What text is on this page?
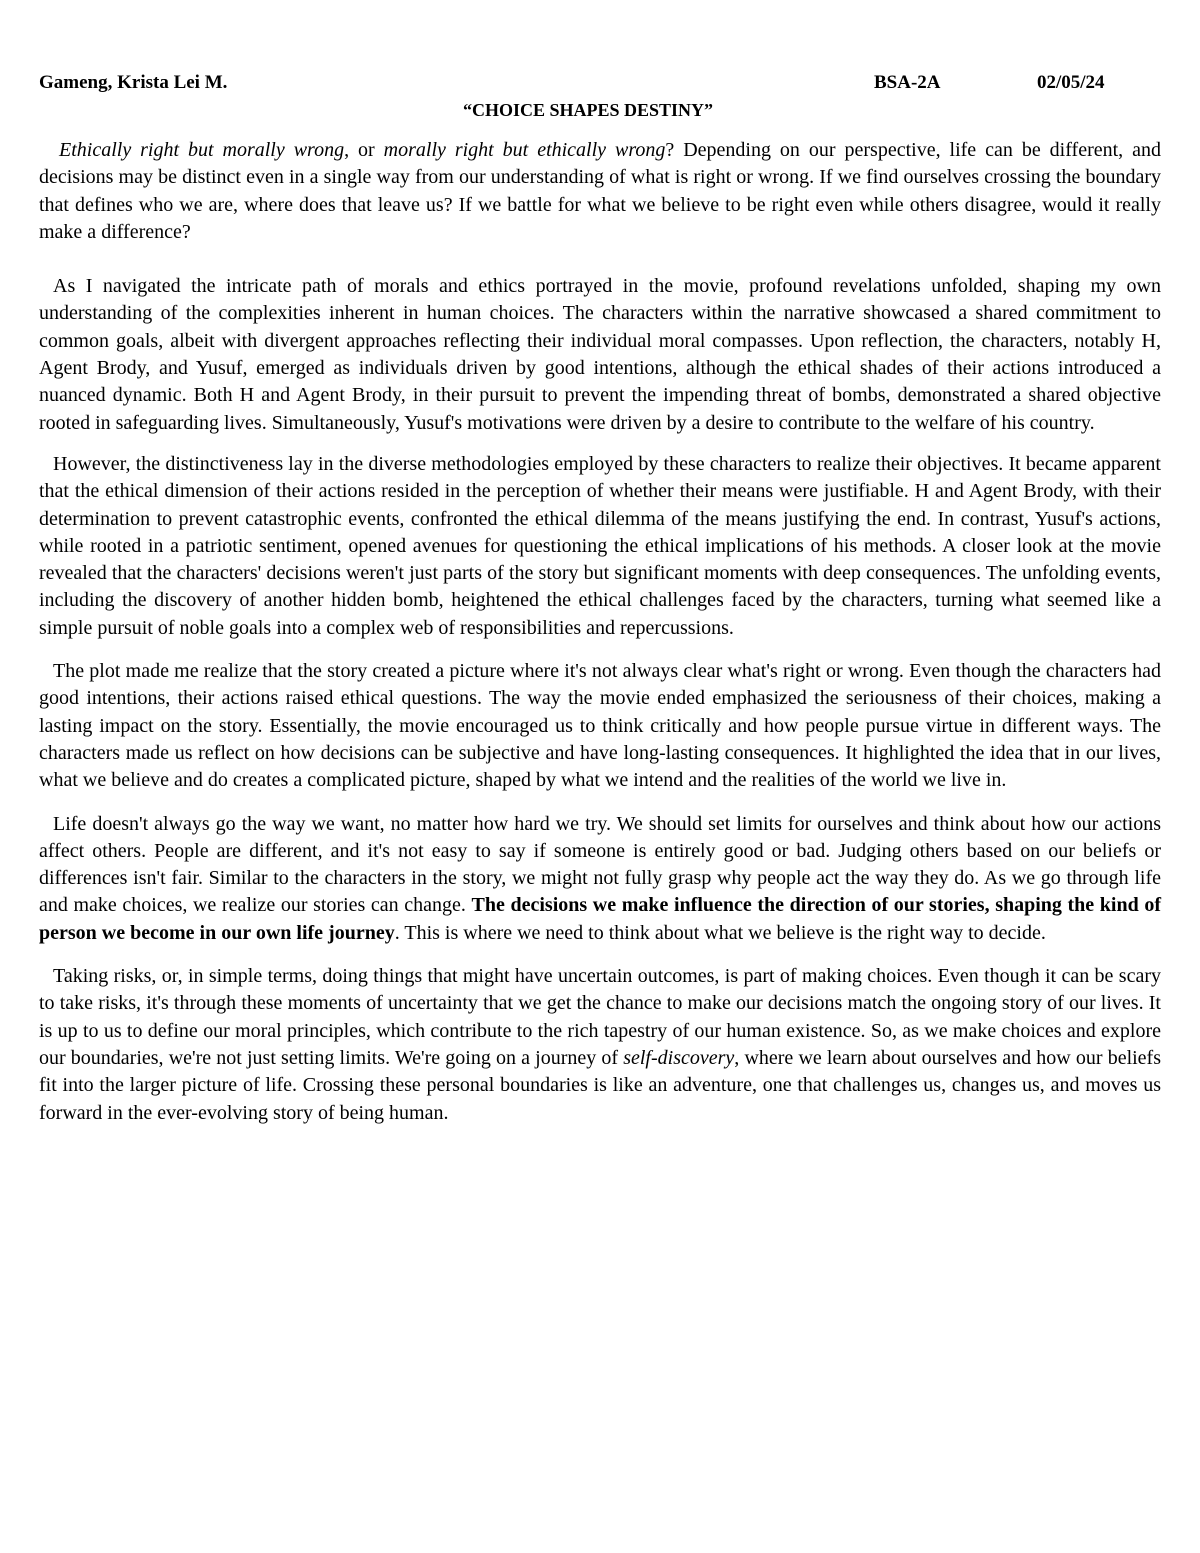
Gameng, Krista Lei M.	BSA-2A	02/05/24
“CHOICE SHAPES DESTINY”

Ethically right but morally wrong, or morally right but ethically wrong? Depending on our perspective, life can be different, and decisions may be distinct even in a single way from our understanding of what is right or wrong. If we find ourselves crossing the boundary that defines who we are, where does that leave us? If we battle for what we believe to be right even while others disagree, would it really make a difference?

As I navigated the intricate path of morals and ethics portrayed in the movie, profound revelations unfolded, shaping my own understanding of the complexities inherent in human choices. The characters within the narrative showcased a shared commitment to common goals, albeit with divergent approaches reflecting their individual moral compasses. Upon reflection, the characters, notably H, Agent Brody, and Yusuf, emerged as individuals driven by good intentions, although the ethical shades of their actions introduced a nuanced dynamic. Both H and Agent Brody, in their pursuit to prevent the impending threat of bombs, demonstrated a shared objective rooted in safeguarding lives. Simultaneously, Yusuf's motivations were driven by a desire to contribute to the welfare of his country.

However, the distinctiveness lay in the diverse methodologies employed by these characters to realize their objectives. It became apparent that the ethical dimension of their actions resided in the perception of whether their means were justifiable. H and Agent Brody, with their determination to prevent catastrophic events, confronted the ethical dilemma of the means justifying the end. In contrast, Yusuf's actions, while rooted in a patriotic sentiment, opened avenues for questioning the ethical implications of his methods. A closer look at the movie revealed that the characters' decisions weren't just parts of the story but significant moments with deep consequences. The unfolding events, including the discovery of another hidden bomb, heightened the ethical challenges faced by the characters, turning what seemed like a simple pursuit of noble goals into a complex web of responsibilities and repercussions.

The plot made me realize that the story created a picture where it's not always clear what's right or wrong. Even though the characters had good intentions, their actions raised ethical questions. The way the movie ended emphasized the seriousness of their choices, making a lasting impact on the story. Essentially, the movie encouraged us to think critically and how people pursue virtue in different ways. The characters made us reflect on how decisions can be subjective and have long-lasting consequences. It highlighted the idea that in our lives, what we believe and do creates a complicated picture, shaped by what we intend and the realities of the world we live in.

Life doesn't always go the way we want, no matter how hard we try. We should set limits for ourselves and think about how our actions affect others. People are different, and it's not easy to say if someone is entirely good or bad. Judging others based on our beliefs or differences isn't fair. Similar to the characters in the story, we might not fully grasp why people act the way they do. As we go through life and make choices, we realize our stories can change. The decisions we make influence the direction of our stories, shaping the kind of person we become in our own life journey. This is where we need to think about what we believe is the right way to decide.

Taking risks, or, in simple terms, doing things that might have uncertain outcomes, is part of making choices. Even though it can be scary to take risks, it's through these moments of uncertainty that we get the chance to make our decisions match the ongoing story of our lives. It is up to us to define our moral principles, which contribute to the rich tapestry of our human existence. So, as we make choices and explore our boundaries, we're not just setting limits. We're going on a journey of self-discovery, where we learn about ourselves and how our beliefs fit into the larger picture of life. Crossing these personal boundaries is like an adventure, one that challenges us, changes us, and moves us forward in the ever-evolving story of being human.
